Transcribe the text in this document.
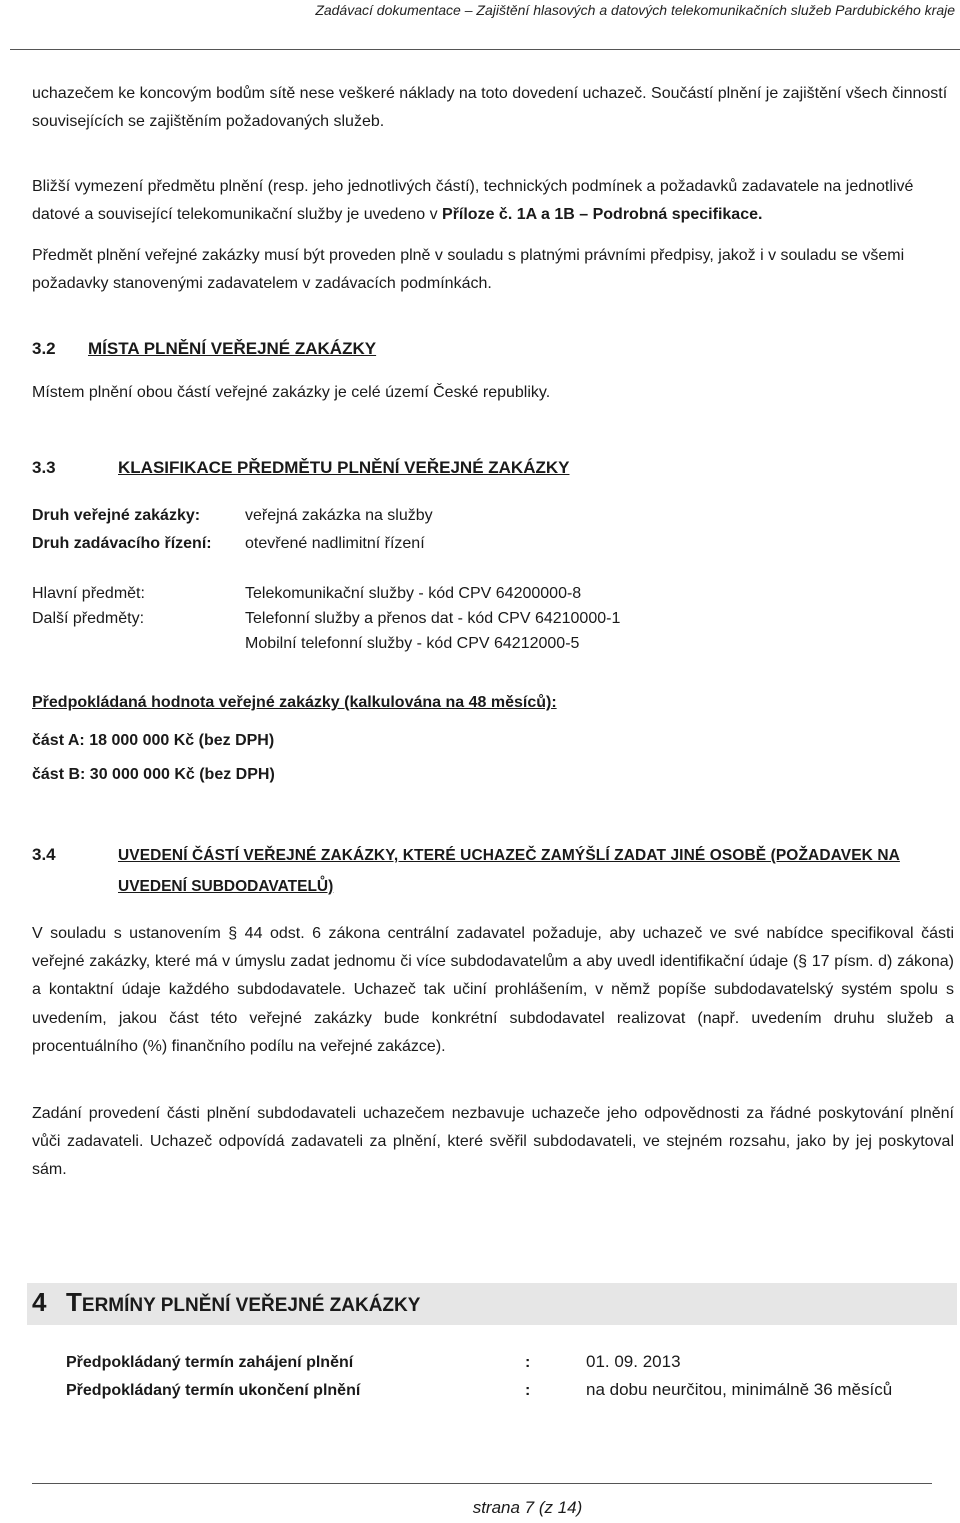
Zadávací dokumentace – Zajištění hlasových a datových telekomunikačních služeb Pardubického kraje

uchazečem ke koncovým bodům sítě nese veškeré náklady na toto dovedení uchazeč. Součástí plnění je zajištění všech činností souvisejících se zajištěním požadovaných služeb.

Bližší vymezení předmětu plnění (resp. jeho jednotlivých částí), technických podmínek a požadavků zadavatele na jednotlivé datové a související telekomunikační služby je uvedeno v Příloze č. 1A a 1B – Podrobná specifikace.

Předmět plnění veřejné zakázky musí být proveden plně v souladu s platnými právními předpisy, jakož i v souladu se všemi požadavky stanovenými zadavatelem v zadávacích podmínkách.

3.2 MÍSTA PLNĚNÍ VEŘEJNÉ ZAKÁZKY

Místem plnění obou částí veřejné zakázky je celé území České republiky.

3.3	KLASIFIKACE PŘEDMĚTU PLNĚNÍ VEŘEJNÉ ZAKÁZKY
Druh veřejné zakázky:	veřejná zakázka na služby
Druh zadávacího řízení: otevřené nadlimitní řízení
Hlavní předmět:	Telekomunikační služby - kód CPV 64200000-8
Další předměty:	Telefonní služby a přenos dat - kód CPV 64210000-1
Mobilní telefonní služby - kód CPV 64212000-5
Předpokládaná hodnota veřejné zakázky (kalkulována na 48 měsíců):
část A: 18 000 000 Kč (bez DPH)
část B: 30 000 000 Kč (bez DPH)
3.4	UVEDENÍ ČÁSTÍ VEŘEJNÉ ZAKÁZKY, KTERÉ UCHAZEČ ZAMÝŠLÍ ZADAT JINÉ OSOBĚ (POŽADAVEK NA
UVEDENÍ SUBDODAVATELŮ)

V souladu s ustanovením § 44 odst. 6 zákona centrální zadavatel požaduje, aby uchazeč ve své nabídce specifikoval části veřejné zakázky, které má v úmyslu zadat jednomu či více subdodavatelům a aby uvedl identifikační údaje (§ 17 písm. d) zákona) a kontaktní údaje každého subdodavatele. Uchazeč tak učiní prohlášením, v němž popíše subdodavatelský systém spolu s uvedením, jakou část této veřejné zakázky bude konkrétní subdodavatel realizovat (např. uvedením druhu služeb a procentuálního (%) finančního podílu na veřejné zakázce).

Zadání provedení části plnění subdodavateli uchazečem nezbavuje uchazeče jeho odpovědnosti za řádné poskytování plnění vůči zadavateli. Uchazeč odpovídá zadavateli za plnění, které svěřil subdodavateli, ve stejném rozsahu, jako by jej poskytoval sám.

4 TERMÍNY PLNĚNÍ VEŘEJNÉ ZAKÁZKY
Předpokládaný termín zahájení plnění	:	01. 09. 2013
Předpokládaný termín ukončení plnění	:	na dobu neurčitou, minimálně 36 měsíců
strana 7 (z 14)
